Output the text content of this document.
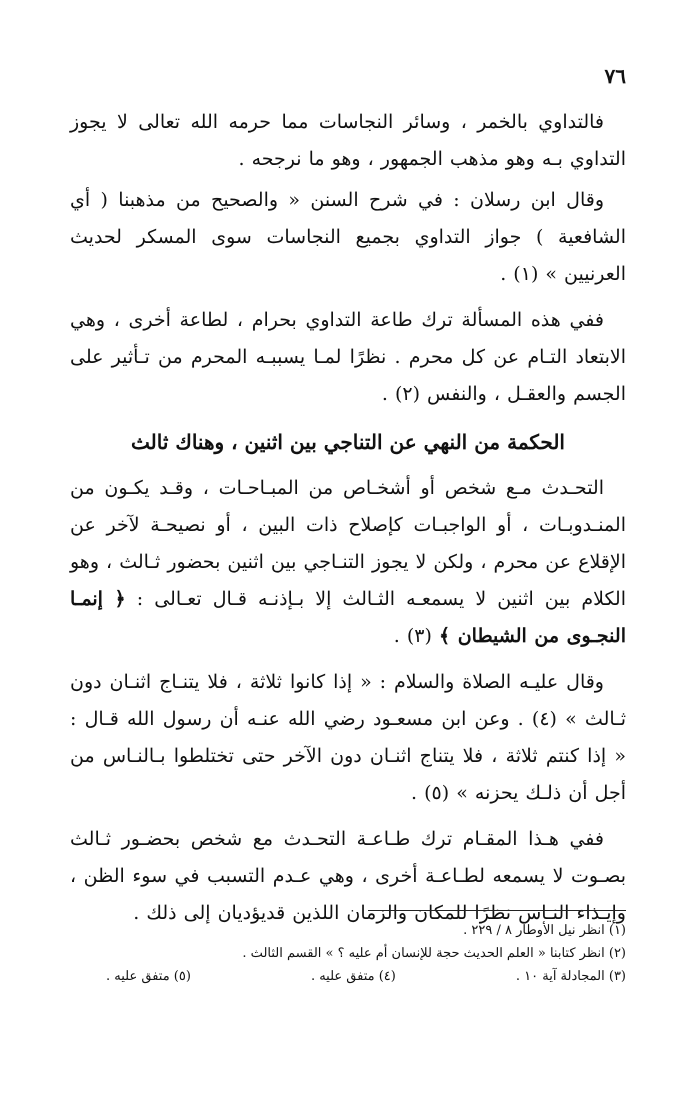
٧٦

فالتداوي بالخمر ، وسائر النجاسات مما حرمه الله تعالى لا يجوز التداوي بـه وهو مذهب الجمهور ، وهو ما نرجحه .

وقال ابن رسلان : في شرح السنن « والصحيح من مذهبنا ( أي الشافعية ) جواز التداوي بجميع النجاسات سوى المسكر لحديث العرنيين » (١) .

ففي هذه المسألة ترك طاعة التداوي بحرام ، لطاعة أخرى ، وهي الابتعاد التـام عن كل محرم . نظرًا لمـا يسببـه المحرم من تـأثير على الجسم والعقـل ، والنفس (٢) .

الحكمة من النهي عن التناجي بين اثنين ، وهناك ثالث

التحـدث مـع شخص أو أشخـاص من المبـاحـات ، وقـد يكـون من المنـدوبـات ، أو الواجبـات كإصلاح ذات البين ، أو نصيحـة لآخر عن الإقلاع عن محرم ، ولكن لا يجوز التنـاجي بين اثنين بحضور ثـالث ، وهو الكلام بين اثنين لا يسمعـه الثـالث إلا بـإذنـه قـال تعـالى : ﴿ إنمـا النجـوى من الشيطان ﴾ (٣) .

وقال عليـه الصلاة والسلام : « إذا كانوا ثلاثة ، فلا يتنـاج اثنـان دون ثـالث » (٤) . وعن ابن مسعـود رضي الله عنـه أن رسول الله قـال : « إذا كنتم ثلاثة ، فلا يتناج اثنـان دون الآخر حتى تختلطوا بـالنـاس من أجل أن ذلـك يحزنه » (٥) .

ففي هـذا المقـام ترك طـاعـة التحـدث مع شخص بحضـور ثـالث بصـوت لا يسمعه لطـاعـة أخرى ، وهي عـدم التسبب في سوء الظن ، وإيـذاء النـاس نظرًا للمكان والزمان اللذين قديؤديان إلى ذلك .

(١) انظر نيل الأوطار ٨ / ٢٢٩ .

(٢) انظر كتابنا « العلم الحديث حجة للإنسان أم عليه ؟ » القسم الثالث .

(٣) المجادلة آية ١٠ .
(٤) متفق عليه .
(٥) متفق عليه .
